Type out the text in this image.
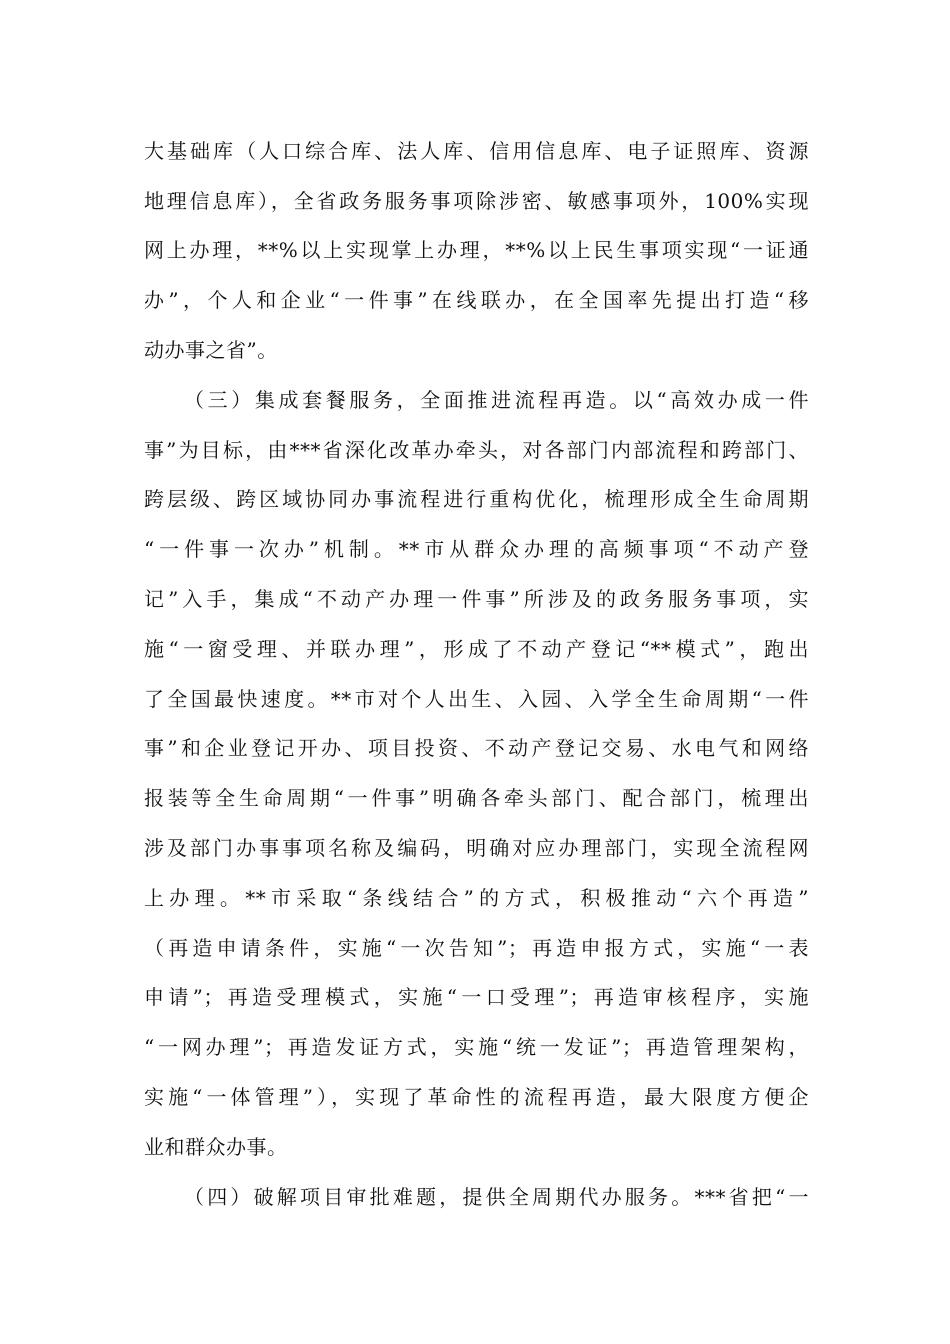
大基础库（人口综合库、法人库、信用信息库、电子证照库、资源
地理信息库），全省政务服务事项除涉密、敏感事项外，100%实现
网上办理，**%以上实现掌上办理，**%以上民生事项实现“一证通
办”，个人和企业“一件事”在线联办，在全国率先提出打造“移
动办事之省”。
（三）集成套餐服务，全面推进流程再造。以“高效办成一件
事”为目标，由***省深化改革办牵头，对各部门内部流程和跨部门、
跨层级、跨区域协同办事流程进行重构优化，梳理形成全生命周期
“一件事一次办”机制。**市从群众办理的高频事项“不动产登
记”入手，集成“不动产办理一件事”所涉及的政务服务事项，实
施“一窗受理、并联办理”，形成了不动产登记“**模式”，跑出
了全国最快速度。**市对个人出生、入园、入学全生命周期“一件
事”和企业登记开办、项目投资、不动产登记交易、水电气和网络
报装等全生命周期“一件事”明确各牵头部门、配合部门，梳理出
涉及部门办事事项名称及编码，明确对应办理部门，实现全流程网
上办理。**市采取“条线结合”的方式，积极推动“六个再造”
（再造申请条件，实施“一次告知”；再造申报方式，实施“一表
申请”；再造受理模式，实施“一口受理”；再造审核程序，实施
“一网办理”；再造发证方式，实施“统一发证”；再造管理架构，
实施“一体管理”），实现了革命性的流程再造，最大限度方便企
业和群众办事。
（四）破解项目审批难题，提供全周期代办服务。***省把“一
